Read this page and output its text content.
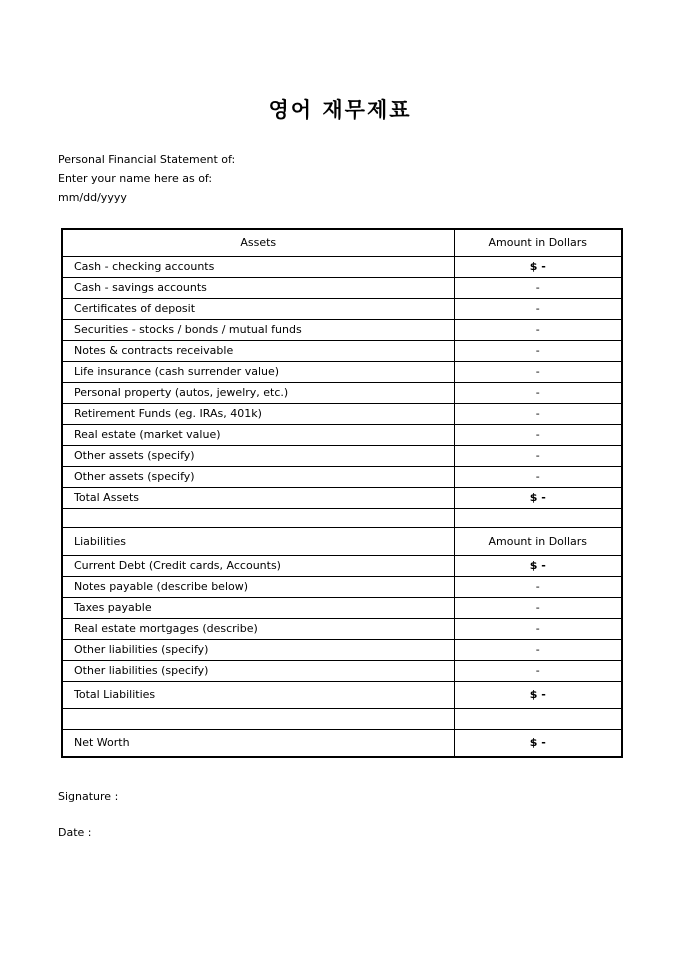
영어 재무제표
Personal Financial Statement of:
Enter your name here as of:
mm/dd/yyyy
Assets	Amount in Dollars
Cash - checking accounts	$ -
Cash - savings accounts	-
Certificates of deposit	-
Securities - stocks / bonds / mutual funds	-
Notes & contracts receivable	-
Life insurance (cash surrender value)	-
Personal property (autos, jewelry, etc.)	-
Retirement Funds (eg. IRAs, 401k)	-
Real estate (market value)	-
Other assets (specify)	-
Other assets (specify)	-
Total Assets	$ -

Liabilities	Amount in Dollars
Current Debt (Credit cards, Accounts)	$ -
Notes payable (describe below)	-
Taxes payable	-
Real estate mortgages (describe)	-
Other liabilities (specify)	-
Other liabilities (specify)	-
Total Liabilities	$ -

Net Worth	$ -
Signature :
Date :
